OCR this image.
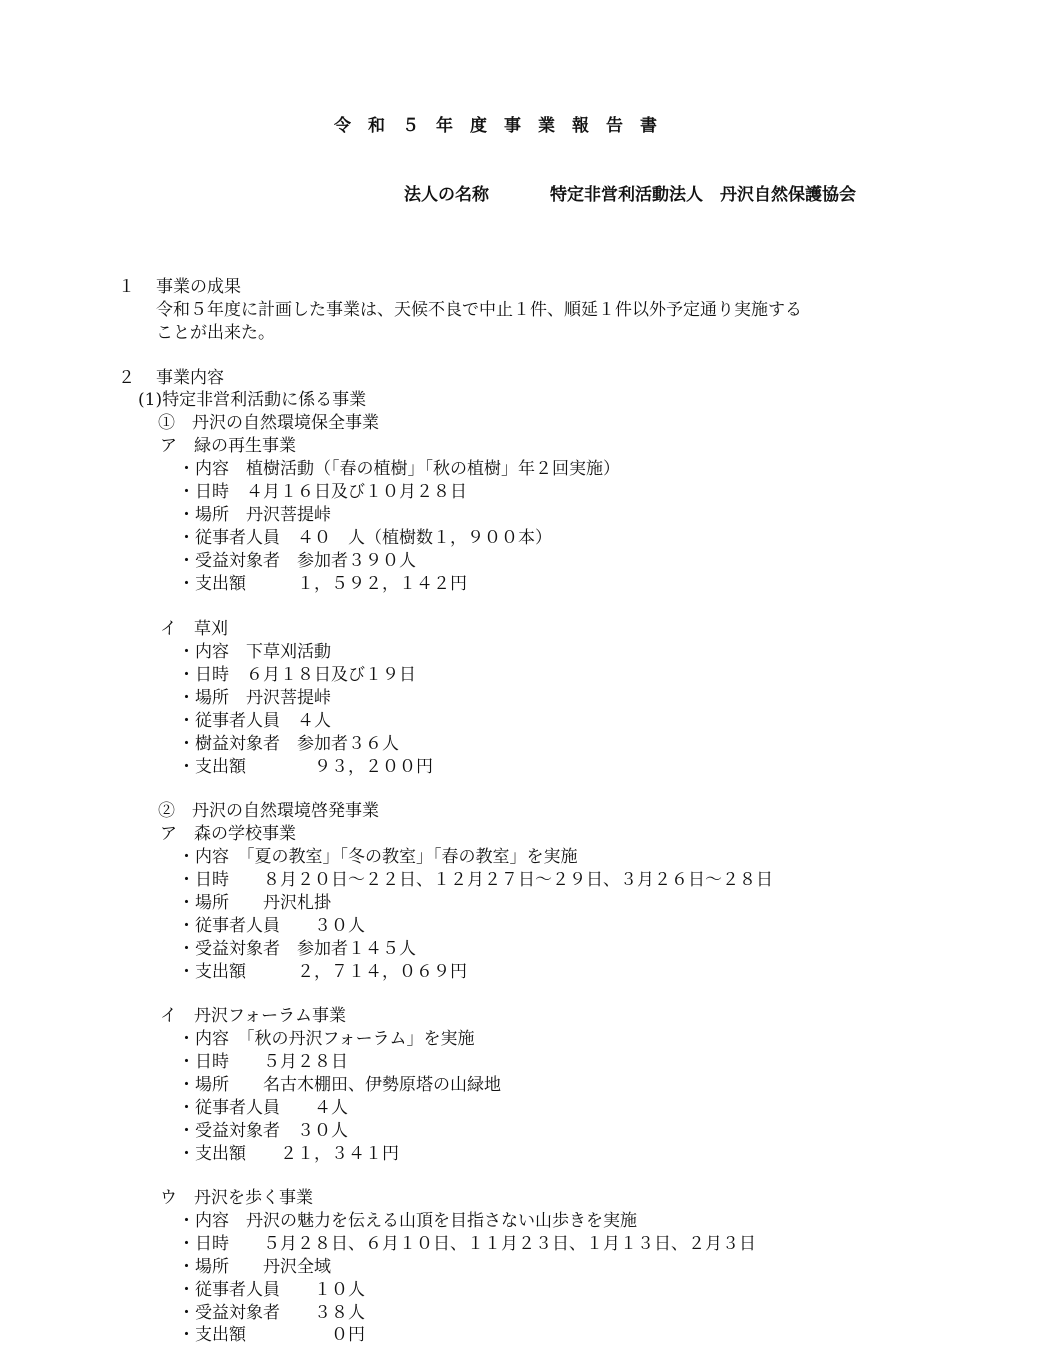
令和５年度事業報告書
法人の名称	特定非営利活動法人　丹沢自然保護協会
１ 事業の成果
令和５年度に計画した事業は、天候不良で中止１件、順延１件以外予定通り実施する
ことが出来た。
２ 事業内容
(1)特定非営利活動に係る事業
①　丹沢の自然環境保全事業
ア　緑の再生事業
・内容　植樹活動（「春の植樹」「秋の植樹」年２回実施）
・日時　４月１６日及び１０月２８日
・場所　丹沢菩提峠
・従事者人員　４０　人（植樹数１，９００本）
・受益対象者　参加者３９０人
・支出額　　　１，５９２，１４２円
イ　草刈
・内容　下草刈活動
・日時　６月１８日及び１９日
・場所　丹沢菩提峠
・従事者人員　４人
・樹益対象者　参加者３６人
・支出額　　　　９３，２００円
②　丹沢の自然環境啓発事業
ア　森の学校事業
・内容　「夏の教室」「冬の教室」「春の教室」を実施
・日時　　８月２０日～２２日、１２月２７日～２９日、３月２６日～２８日
・場所　　丹沢札掛
・従事者人員　　３０人
・受益対象者　参加者１４５人
・支出額　　　２，７１４，０６９円
イ　丹沢フォーラム事業
・内容　「秋の丹沢フォーラム」を実施
・日時　　５月２８日
・場所　　名古木棚田、伊勢原塔の山緑地
・従事者人員　　４人
・受益対象者　３０人
・支出額　　２１，３４１円
ウ　丹沢を歩く事業
・内容　丹沢の魅力を伝える山頂を目指さない山歩きを実施
・日時　　５月２８日、６月１０日、１１月２３日、１月１３日、２月３日
・場所　　丹沢全域
・従事者人員　　１０人
・受益対象者　　３８人
・支出額　　　　　０円
